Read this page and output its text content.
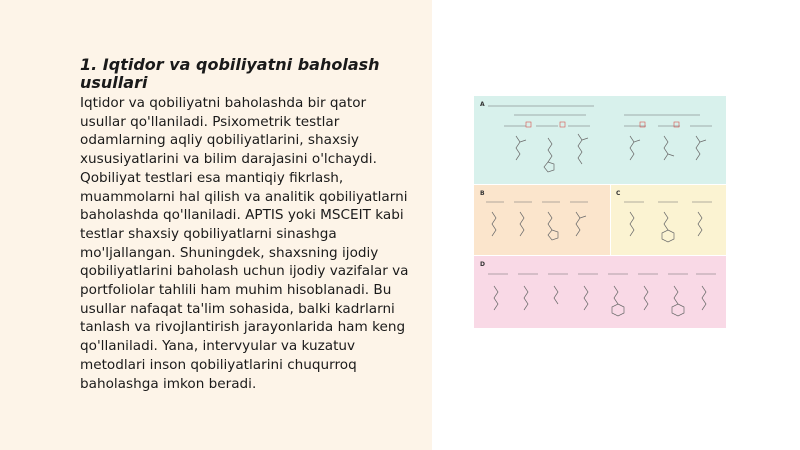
1. Iqtidor va qobiliyatni baholash usullari

Iqtidor va qobiliyatni baholashda bir qator usullar qo'llaniladi. Psixometrik testlar odamlarning aqliy qobiliyatlarini, shaxsiy xususiyatlarini va bilim darajasini o'lchaydi. Qobiliyat testlari esa mantiqiy fikrlash, muammolarni hal qilish va analitik qobiliyatlarni baholashda qo'llaniladi. APTIS yoki MSCEIT kabi testlar shaxsiy qobiliyatlarni sinashga mo'ljallangan. Shuningdek, shaxsning ijodiy qobiliyatlarini baholash uchun ijodiy vazifalar va portfoliolar tahlili ham muhim hisoblanadi. Bu usullar nafaqat ta'lim sohasida, balki kadrlarni tanlash va rivojlantirish jarayonlarida ham keng qo'llaniladi. Yana, intervyular va kuzatuv metodlari inson qobiliyatlarini chuqurroq baholashga imkon beradi.

A
B	C
D
